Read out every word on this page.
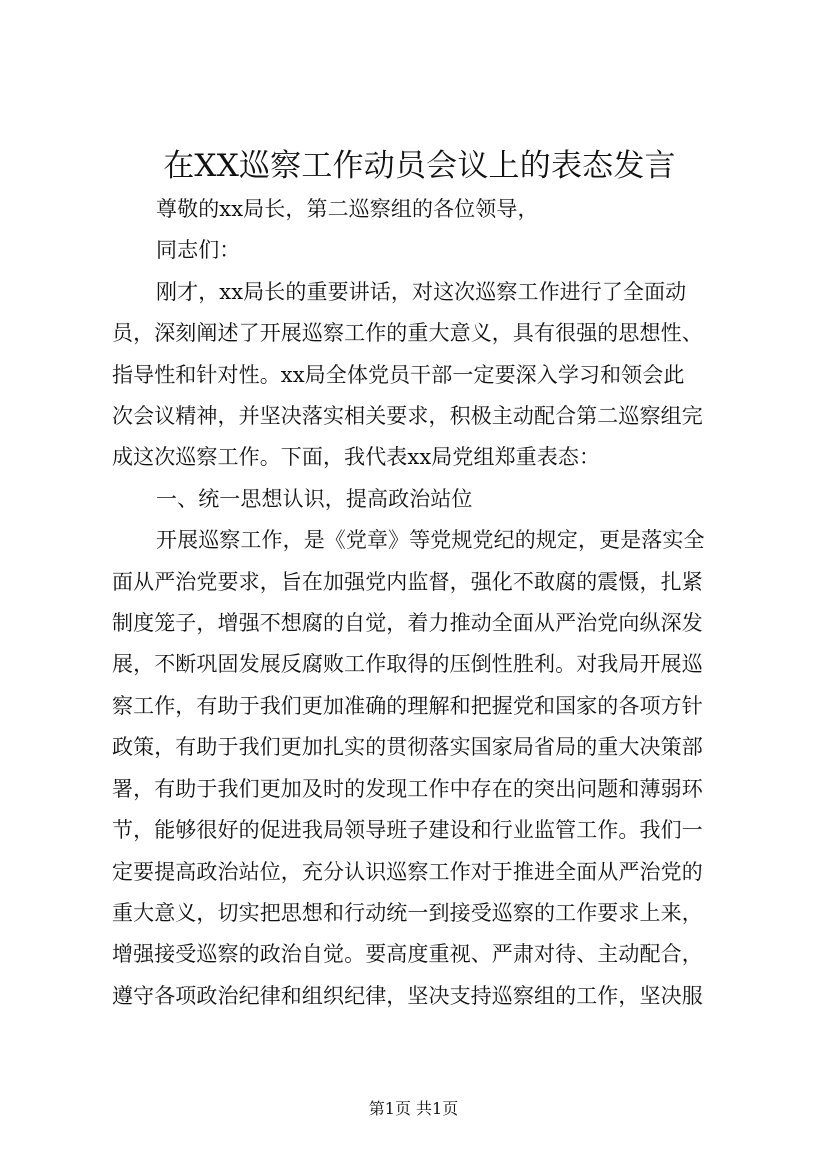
在XX巡察工作动员会议上的表态发言
尊敬的xx局长，第二巡察组的各位领导，
同志们：
刚才，xx局长的重要讲话，对这次巡察工作进行了全面动
员，深刻阐述了开展巡察工作的重大意义，具有很强的思想性、
指导性和针对性。xx局全体党员干部一定要深入学习和领会此
次会议精神，并坚决落实相关要求，积极主动配合第二巡察组完
成这次巡察工作。下面，我代表xx局党组郑重表态：
一、统一思想认识，提高政治站位
开展巡察工作，是《党章》等党规党纪的规定，更是落实全
面从严治党要求，旨在加强党内监督，强化不敢腐的震慑，扎紧
制度笼子，增强不想腐的自觉，着力推动全面从严治党向纵深发
展，不断巩固发展反腐败工作取得的压倒性胜利。对我局开展巡
察工作，有助于我们更加准确的理解和把握党和国家的各项方针
政策，有助于我们更加扎实的贯彻落实国家局省局的重大决策部
署，有助于我们更加及时的发现工作中存在的突出问题和薄弱环
节，能够很好的促进我局领导班子建设和行业监管工作。我们一
定要提高政治站位，充分认识巡察工作对于推进全面从严治党的
重大意义，切实把思想和行动统一到接受巡察的工作要求上来，
增强接受巡察的政治自觉。要高度重视、严肃对待、主动配合，
遵守各项政治纪律和组织纪律，坚决支持巡察组的工作，坚决服
第1页 共1页
